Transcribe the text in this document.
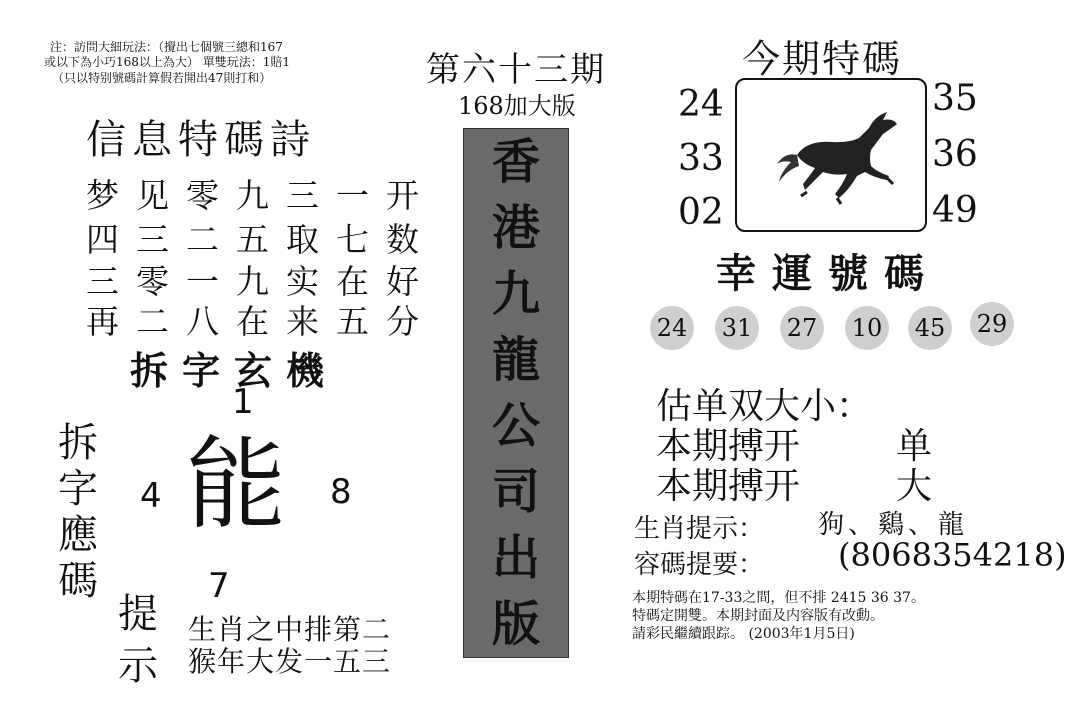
注：訪問大細玩法：（攪出七個號三總和167
或以下為小巧168以上為大） 單雙玩法：1賠1
（只以特别號碼計算假若開出47則打和）
信息特碼詩
梦见零九三一开
四三二五取七数
三零一九实在好
再二八在来五分
拆字玄機
拆字應碼
1
4	8
能
7
提示
生肖之中排第二
猴年大发一五三
第六十三期
168加大版
香
港
九
龍
公
司
出
版
今期特碼
24
33
02
35
36
49
幸運號碼
24 31 27 10 45 29
估单双大小：
本期搏开	单
本期搏开	大
生肖提示： 狗、鷄、龍
容碼提要： (8068354218)
本期特碼在17-33之間，但不排 2415 36 37。
特碼定開雙。本期封面及内容版有改動。
請彩民繼續跟踪。 (2003年1月5日)
